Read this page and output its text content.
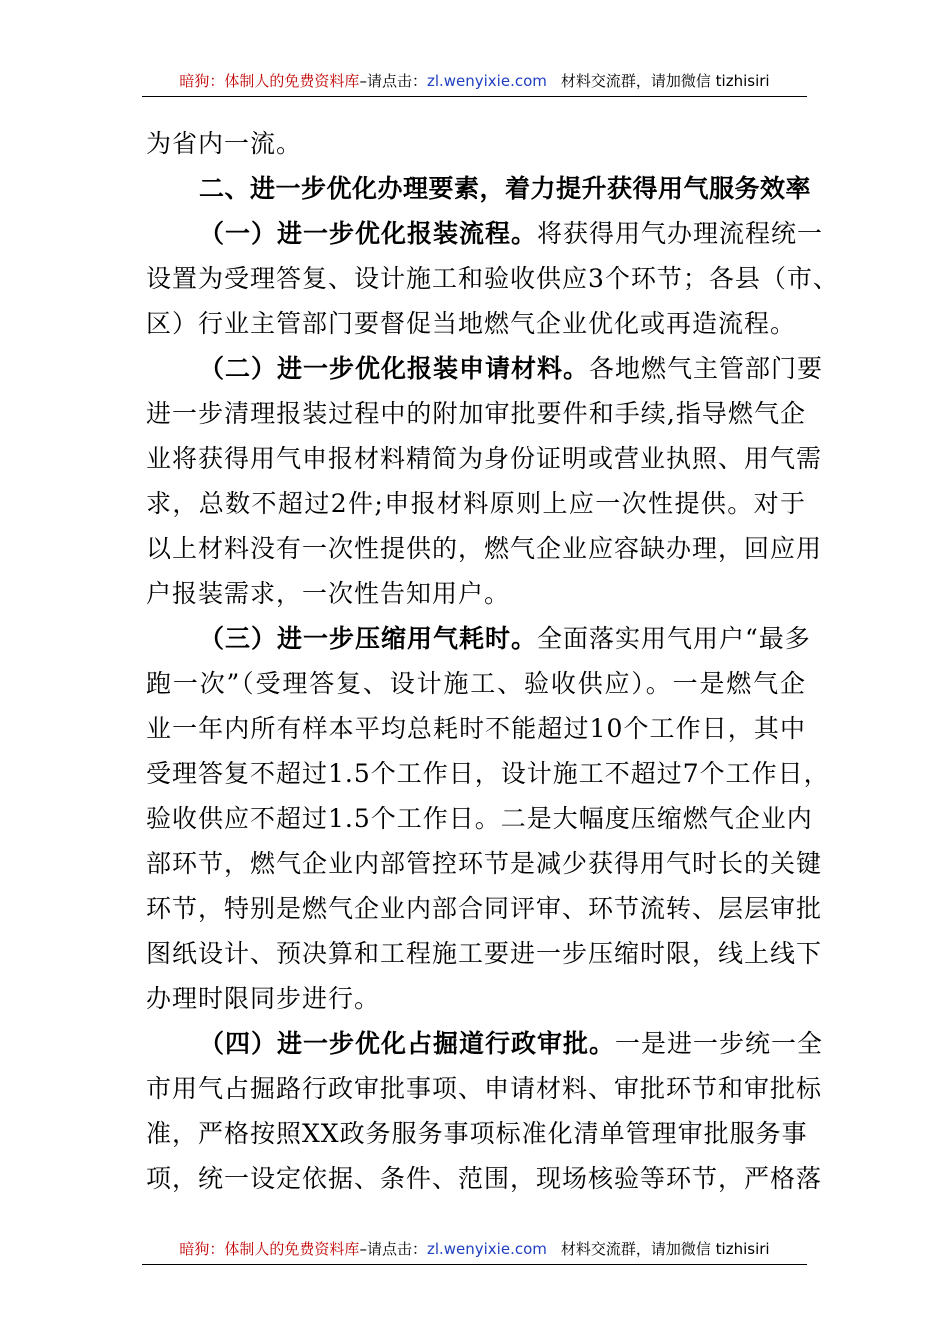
暗狗：体制人的免费资料库–请点击：zl.wenyixie.com 材料交流群，请加微信 tizhisiri
为省内一流。
二、进一步优化办理要素，着力提升获得用气服务效率
（一）进一步优化报装流程。将获得用气办理流程统一
设置为受理答复、设计施工和验收供应3个环节；各县（市、
区）行业主管部门要督促当地燃气企业优化或再造流程。
（二）进一步优化报装申请材料。各地燃气主管部门要
进一步清理报装过程中的附加审批要件和手续,指导燃气企
业将获得用气申报材料精简为身份证明或营业执照、用气需
求，总数不超过2件;申报材料原则上应一次性提供。对于
以上材料没有一次性提供的，燃气企业应容缺办理，回应用
户报装需求，一次性告知用户。
（三）进一步压缩用气耗时。全面落实用气用户“最多
跑一次”（受理答复、设计施工、验收供应）。一是燃气企
业一年内所有样本平均总耗时不能超过10个工作日，其中
受理答复不超过1.5个工作日，设计施工不超过7个工作日，
验收供应不超过1.5个工作日。二是大幅度压缩燃气企业内
部环节，燃气企业内部管控环节是减少获得用气时长的关键
环节，特别是燃气企业内部合同评审、环节流转、层层审批
图纸设计、预决算和工程施工要进一步压缩时限，线上线下
办理时限同步进行。
（四）进一步优化占掘道行政审批。一是进一步统一全
市用气占掘路行政审批事项、申请材料、审批环节和审批标
准，严格按照XX政务服务事项标准化清单管理审批服务事
项，统一设定依据、条件、范围，现场核验等环节，严格落
暗狗：体制人的免费资料库–请点击：zl.wenyixie.com 材料交流群，请加微信 tizhisiri
